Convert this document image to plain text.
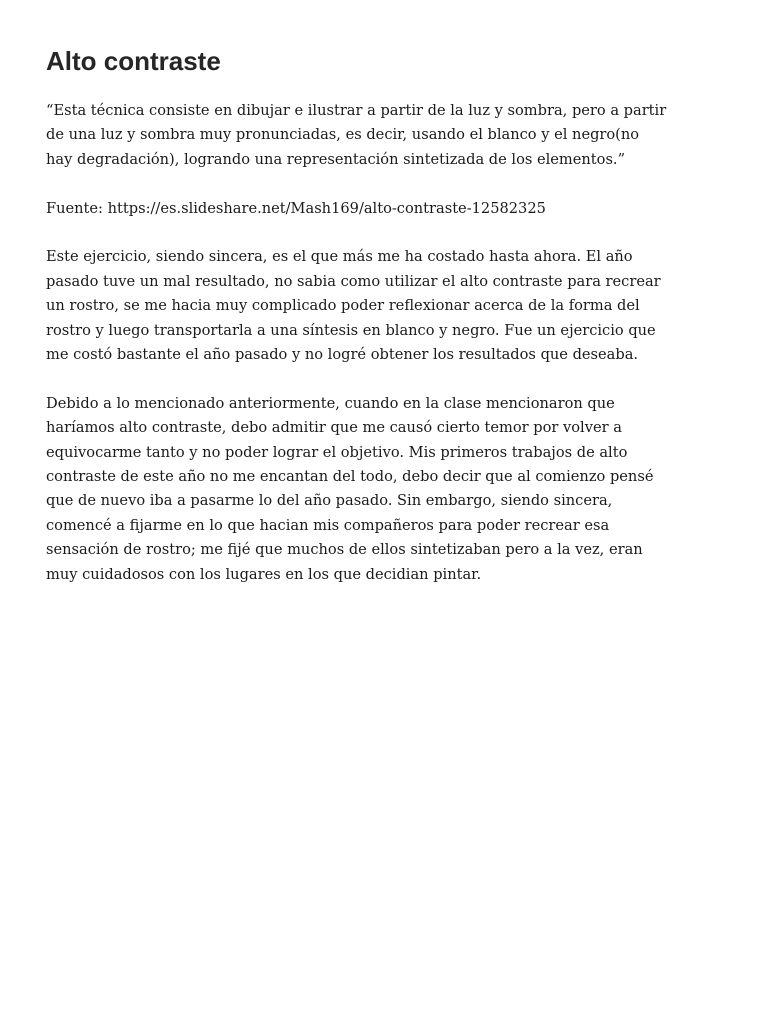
Alto contraste

“Esta técnica consiste en dibujar e ilustrar a partir de la luz y sombra, pero a partir
de una luz y sombra muy pronunciadas, es decir, usando el blanco y el negro(no
hay degradación), logrando una representación sintetizada de los elementos.”

Fuente: https://es.slideshare.net/Mash169/alto-contraste-12582325

Este ejercicio, siendo sincera, es el que más me ha costado hasta ahora. El año
pasado tuve un mal resultado, no sabia como utilizar el alto contraste para recrear
un rostro, se me hacia muy complicado poder reflexionar acerca de la forma del
rostro y luego transportarla a una síntesis en blanco y negro. Fue un ejercicio que
me costó bastante el año pasado y no logré obtener los resultados que deseaba.

Debido a lo mencionado anteriormente, cuando en la clase mencionaron que
haríamos alto contraste, debo admitir que me causó cierto temor por volver a
equivocarme tanto y no poder lograr el objetivo. Mis primeros trabajos de alto
contraste de este año no me encantan del todo, debo decir que al comienzo pensé
que de nuevo iba a pasarme lo del año pasado. Sin embargo, siendo sincera,
comencé a fijarme en lo que hacian mis compañeros para poder recrear esa
sensación de rostro; me fijé que muchos de ellos sintetizaban pero a la vez, eran
muy cuidadosos con los lugares en los que decidian pintar.
